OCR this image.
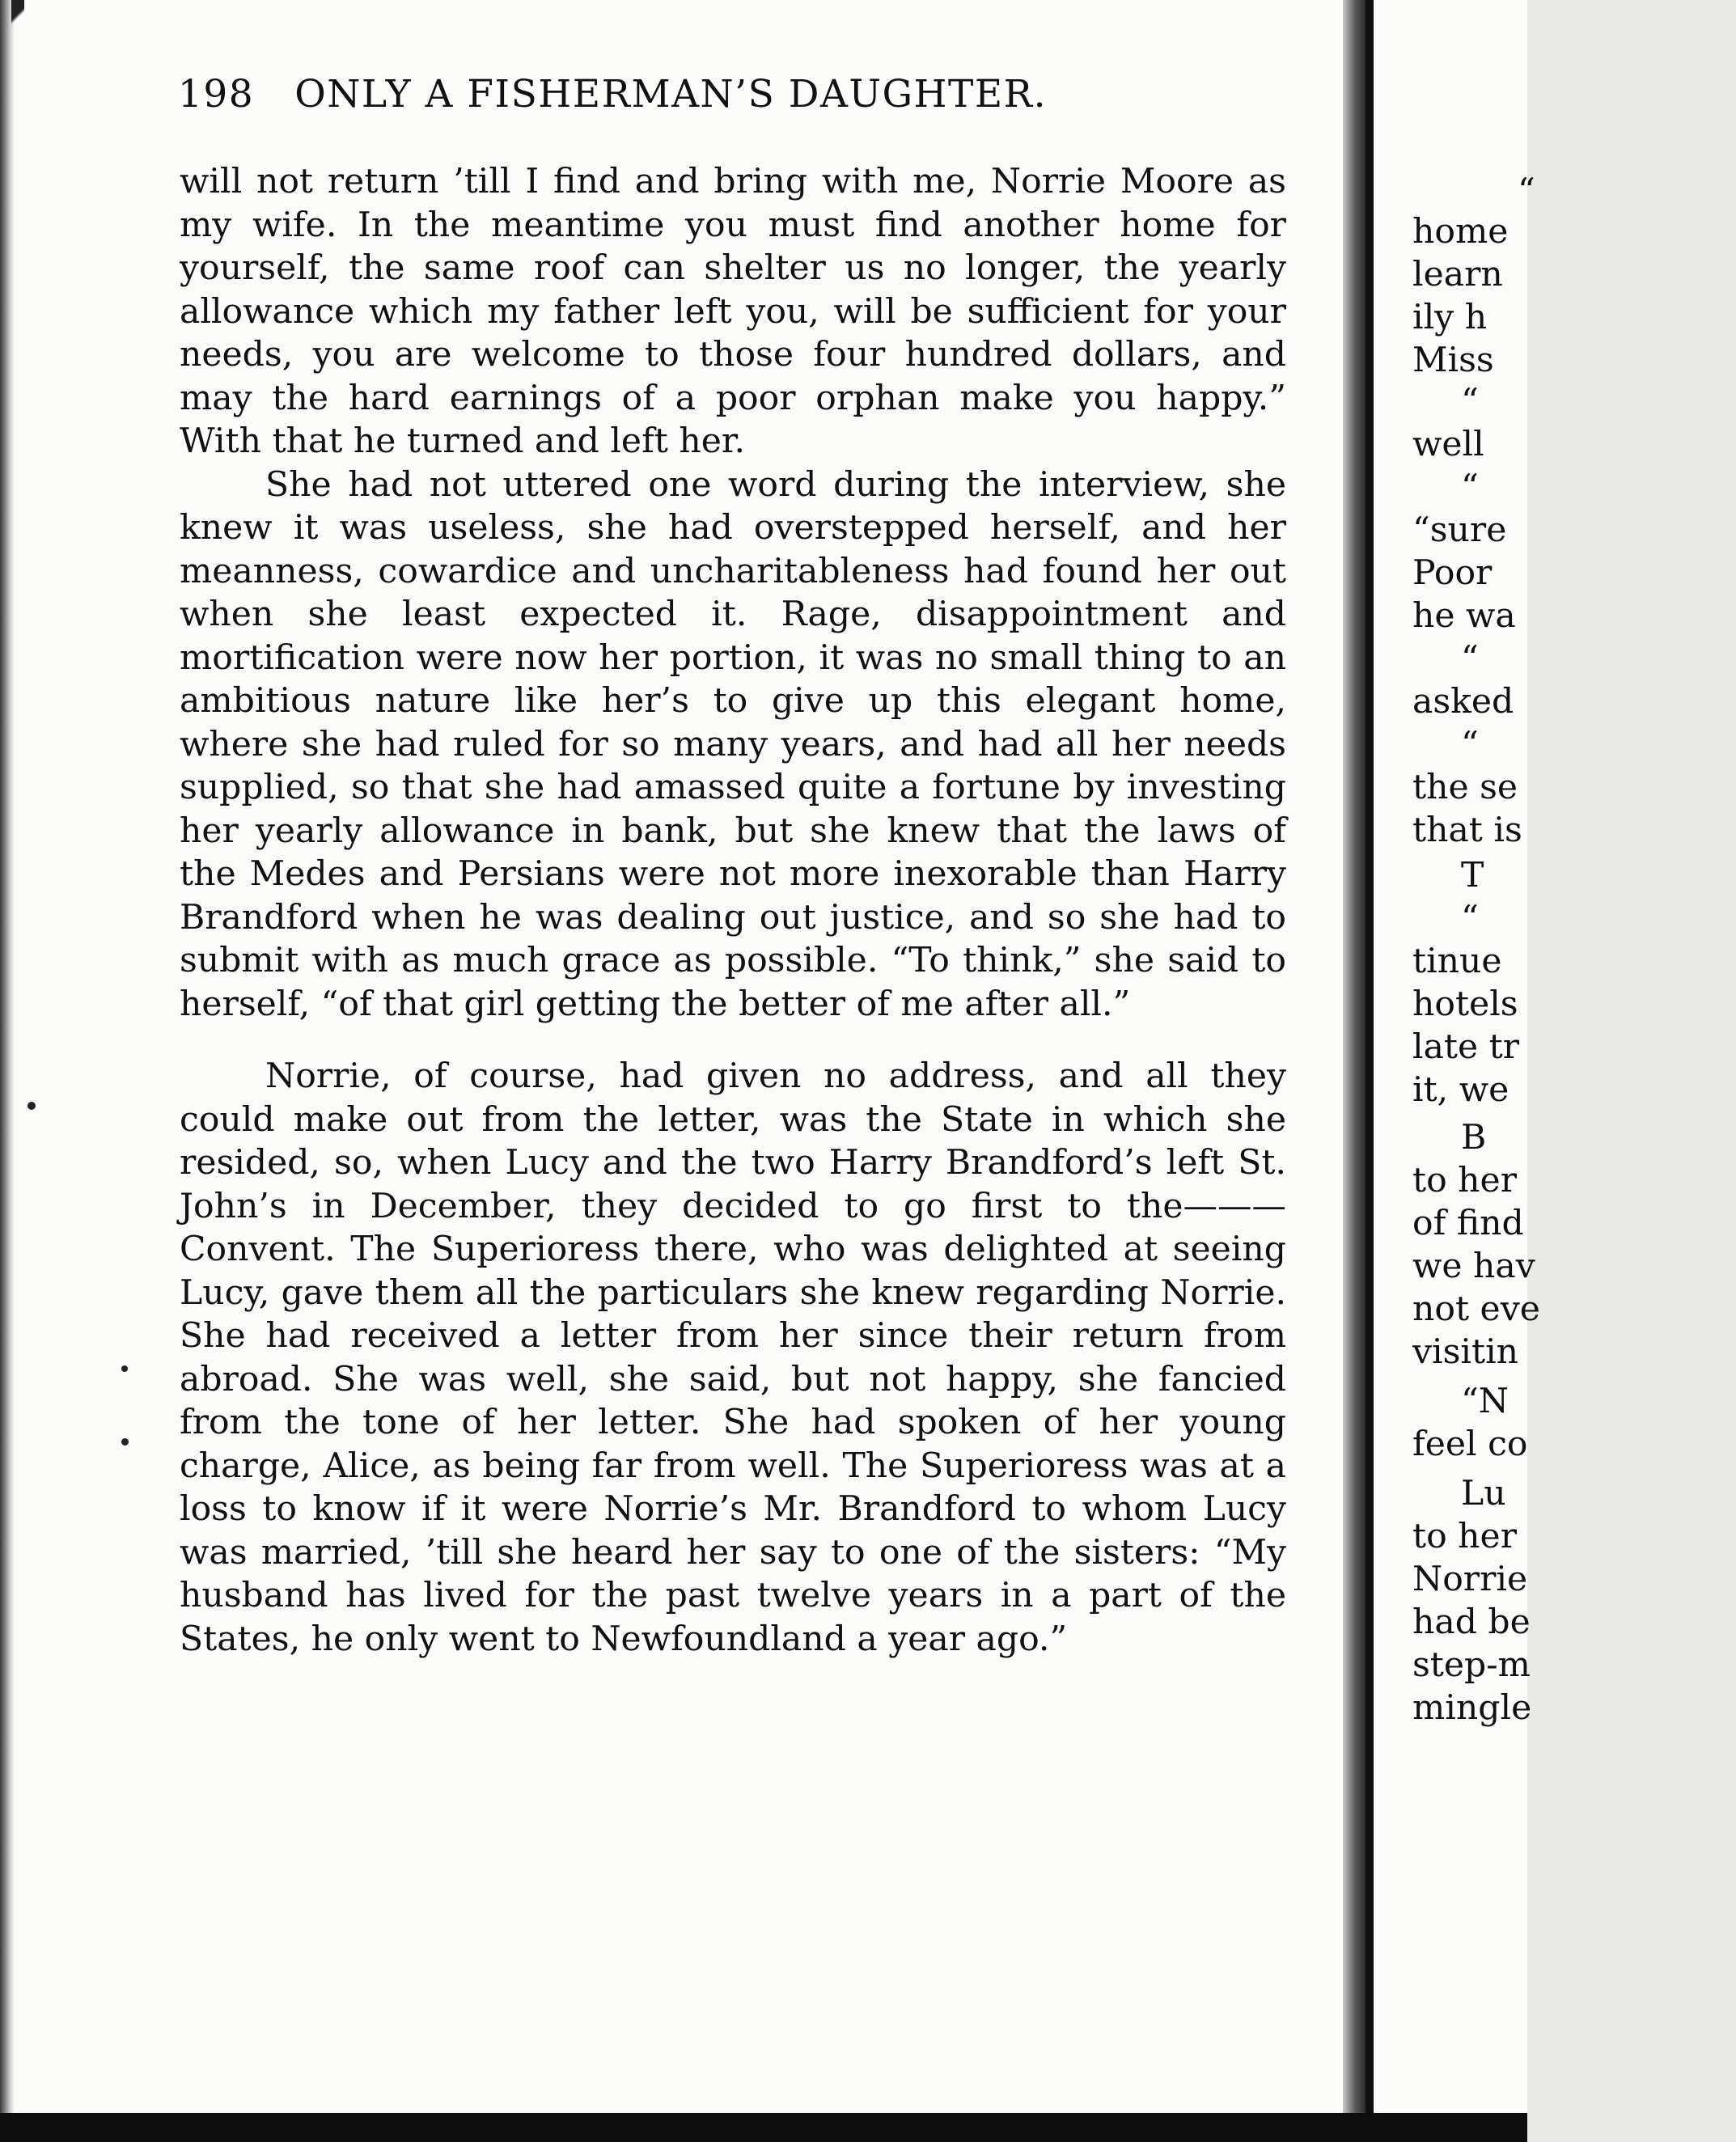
198 ONLY A FISHERMAN’S DAUGHTER.

will not return ’till I find and bring with me, Norrie Moore as my wife. In the meantime you must find another home for yourself, the same roof can shelter us no longer, the yearly allowance which my father left you, will be sufficient for your needs, you are welcome to those four hundred dollars, and may the hard earnings of a poor orphan make you happy.” With that he turned and left her.

She had not uttered one word during the interview, she knew it was useless, she had overstepped herself, and her meanness, cowardice and uncharitableness had found her out when she least expected it. Rage, disappointment and mortification were now her portion, it was no small thing to an ambitious nature like her’s to give up this elegant home, where she had ruled for so many years, and had all her needs supplied, so that she had amassed quite a fortune by investing her yearly allowance in bank, but she knew that the laws of the Medes and Persians were not more inexorable than Harry Brandford when he was dealing out justice, and so she had to submit with as much grace as possible. “To think,” she said to herself, “of that girl getting the better of me after all.”

Norrie, of course, had given no address, and all they could make out from the letter, was the State in which she resided, so, when Lucy and the two Harry Brandford’s left St. John’s in December, they decided to go first to the———Convent. The Superioress there, who was delighted at seeing Lucy, gave them all the particulars she knew regarding Norrie. She had received a letter from her since their return from abroad. She was well, she said, but not happy, she fancied from the tone of her letter. She had spoken of her young charge, Alice, as being far from well. The Superioress was at a loss to know if it were Norrie’s Mr. Brandford to whom Lucy was married, ’till she heard her say to one of the sisters: “My husband has lived for the past twelve years in a part of the States, he only went to Newfoundland a year ago.”

“
home
learn
ily h
Miss
“
well
“
“sure
Poor
he wa
“
asked
“
the se
that is
T
“
tinue
hotels
late tr
it, we
B
to her
of find
we hav
not eve
visitin
“N
feel co
Lu
to her
Norrie
had be
step-m
mingle
